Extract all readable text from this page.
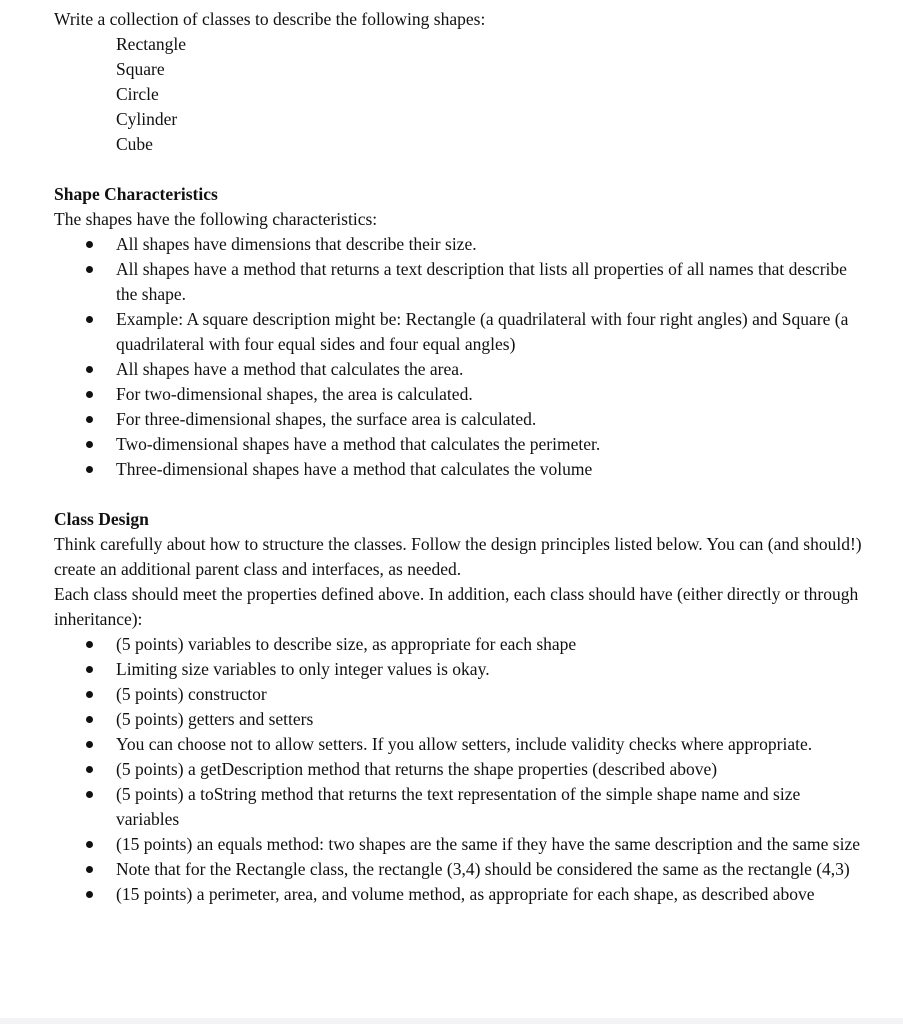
Write a collection of classes to describe the following shapes:

Rectangle
Square
Circle
Cylinder
Cube

Shape Characteristics

The shapes have the following characteristics:

All shapes have dimensions that describe their size.
All shapes have a method that returns a text description that lists all properties of all names that describe the shape.
Example: A square description might be: Rectangle (a quadrilateral with four right angles) and Square (a quadrilateral with four equal sides and four equal angles)
All shapes have a method that calculates the area.
For two-dimensional shapes, the area is calculated.
For three-dimensional shapes, the surface area is calculated.
Two-dimensional shapes have a method that calculates the perimeter.
Three-dimensional shapes have a method that calculates the volume

Class Design

Think carefully about how to structure the classes. Follow the design principles listed below. You can (and should!) create an additional parent class and interfaces, as needed.

Each class should meet the properties defined above. In addition, each class should have (either directly or through inheritance):

(5 points) variables to describe size, as appropriate for each shape
Limiting size variables to only integer values is okay.
(5 points) constructor
(5 points) getters and setters
You can choose not to allow setters. If you allow setters, include validity checks where appropriate.
(5 points) a getDescription method that returns the shape properties (described above)
(5 points) a toString method that returns the text representation of the simple shape name and size variables
(15 points) an equals method: two shapes are the same if they have the same description and the same size
Note that for the Rectangle class, the rectangle (3,4) should be considered the same as the rectangle (4,3)
(15 points) a perimeter, area, and volume method, as appropriate for each shape, as described above
